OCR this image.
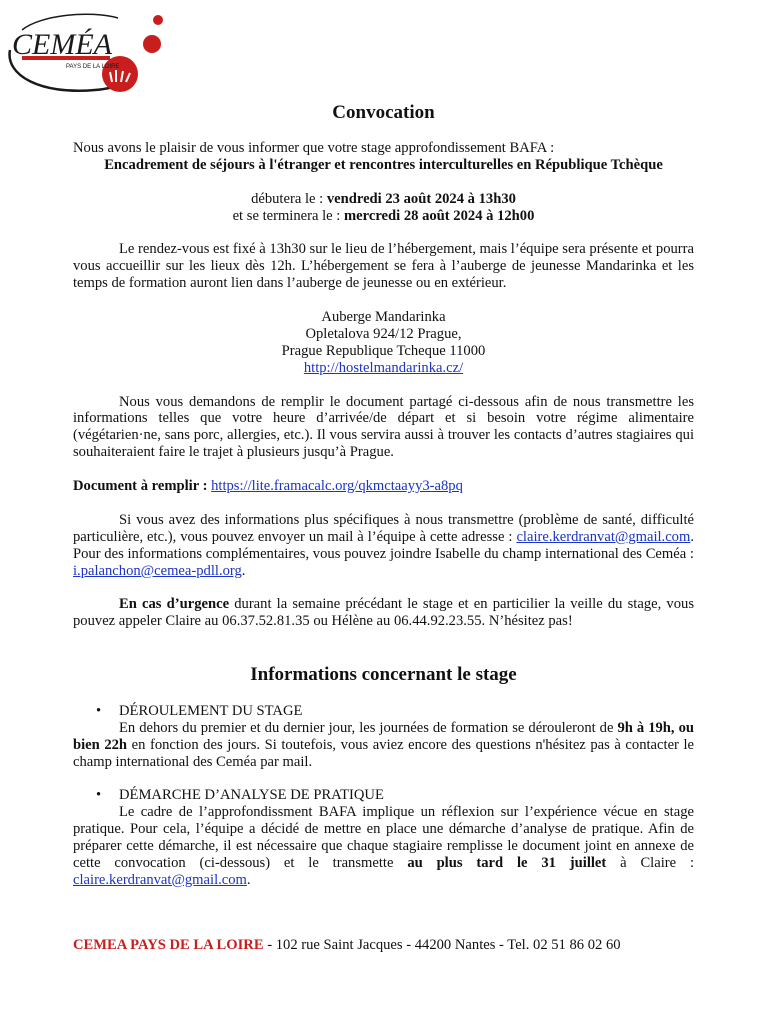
CEMÉA
PAYS DE LA LOIRE

Convocation

Nous avons le plaisir de vous informer que votre stage approfondissement BAFA :

Encadrement de séjours à l'étranger et rencontres interculturelles en République Tchèque

débutera le : vendredi 23 août 2024 à 13h30

et se terminera le : mercredi 28 août 2024 à 12h00

Le rendez-vous est fixé à 13h30 sur le lieu de l’hébergement, mais l’équipe sera présente et pourra vous accueillir sur les lieux dès 12h. L’hébergement se fera à l’auberge de jeunesse Mandarinka et les temps de formation auront lien dans l’auberge de jeunesse ou en extérieur.

Auberge Mandarinka

Opletalova 924/12 Prague,

Prague Republique Tcheque 11000

http://hostelmandarinka.cz/

Nous vous demandons de remplir le document partagé ci-dessous afin de nous transmettre les informations telles que votre heure d’arrivée/de départ et si besoin votre régime alimentaire (végétarien·ne, sans porc, allergies, etc.). Il vous servira aussi à trouver les contacts d’autres stagiaires qui souhaiteraient faire le trajet à plusieurs jusqu’à Prague.

Document à remplir : https://lite.framacalc.org/qkmctaayy3-a8pq

Si vous avez des informations plus spécifiques à nous transmettre (problème de santé, difficulté particulière, etc.), vous pouvez envoyer un mail à l’équipe à cette adresse : claire.kerdranvat@gmail.com. Pour des informations complémentaires, vous pouvez joindre Isabelle du champ international des Ceméa : i.palanchon@cemea-pdll.org.

En cas d’urgence durant la semaine précédant le stage et en particilier la veille du stage, vous pouvez appeler Claire au 06.37.52.81.35 ou Hélène au 06.44.92.23.55. N’hésitez pas!

Informations concernant le stage

• DÉROULEMENT DU STAGE

En dehors du premier et du dernier jour, les journées de formation se dérouleront de 9h à 19h, ou bien 22h en fonction des jours. Si toutefois, vous aviez encore des questions n'hésitez pas à contacter le champ international des Ceméa par mail.

• DÉMARCHE D’ANALYSE DE PRATIQUE

Le cadre de l’approfondissment BAFA implique un réflexion sur l’expérience vécue en stage pratique. Pour cela, l’équipe a décidé de mettre en place une démarche d’analyse de pratique. Afin de préparer cette démarche, il est nécessaire que chaque stagiaire remplisse le document joint en annexe de cette convocation (ci-dessous) et le transmette au plus tard le 31 juillet à Claire : claire.kerdranvat@gmail.com.

CEMEA PAYS DE LA LOIRE - 102 rue Saint Jacques - 44200 Nantes - Tel. 02 51 86 02 60
